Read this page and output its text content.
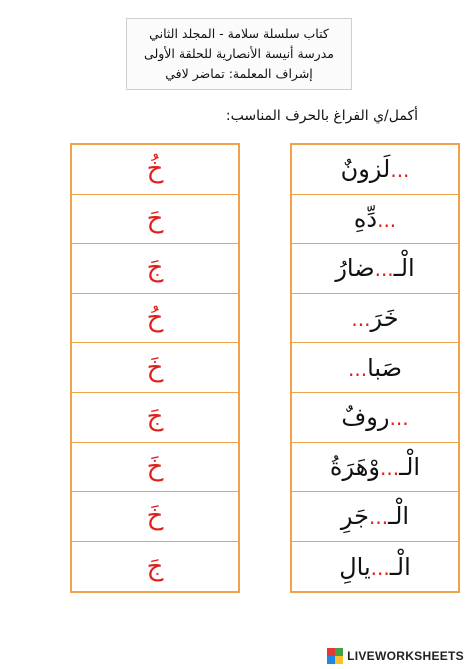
كتاب سلسلة سلامة - المجلد الثاني
مدرسة أنيسة الأنصارية للحلقة الأولى
إشراف المعلمة: تماضر لافي
أكمل/ي الفراغ بالحرف المناسب:
خُ
حَ
جَ
حُ
خَ
جَ
خَ
خَ
جَ
...لَزونٌ
...دِّهِ
الْـ...ضارُ
خَرَ...
صَبا...
...روفٌ
الْـ...وْهَرَةُ
الْـ...جَرِ
الْـ...يالِ
LIVEWORKSHEETS
